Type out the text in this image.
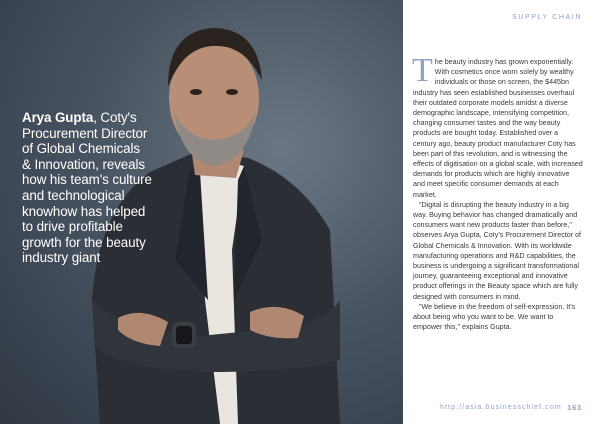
Arya Gupta, Coty's Procurement Director of Global Chemicals & Innovation, reveals how his team's culture and technological knowhow has helped to drive profitable growth for the beauty industry giant

SUPPLY CHAIN

The beauty industry has grown exponentially. With cosmetics once worn solely by wealthy individuals or those on screen, the $445bn industry has seen established businesses overhaul their outdated corporate models amidst a diverse demographic landscape, intensifying competition, changing consumer tastes and the way beauty products are bought today. Established over a century ago, beauty product manufacturer Coty has been part of this revolution, and is witnessing the effects of digitisation on a global scale, with increased demands for products which are highly innovative and meet specific consumer demands at each market.

"Digital is disrupting the beauty industry in a big way. Buying behavior has changed dramatically and consumers want new products faster than before," observes Arya Gupta, Coty's Procurement Director of Global Chemicals & Innovation. With its worldwide manufacturing operations and R&D capabilities, the business is undergoing a significant transformational journey, guaranteeing exceptional and innovative product offerings in the Beauty space which are fully designed with consumers in mind.

"We believe in the freedom of self-expression. It's about being who you want to be. We want to empower this," explains Gupta.

http://asia.businesschief.com 163
